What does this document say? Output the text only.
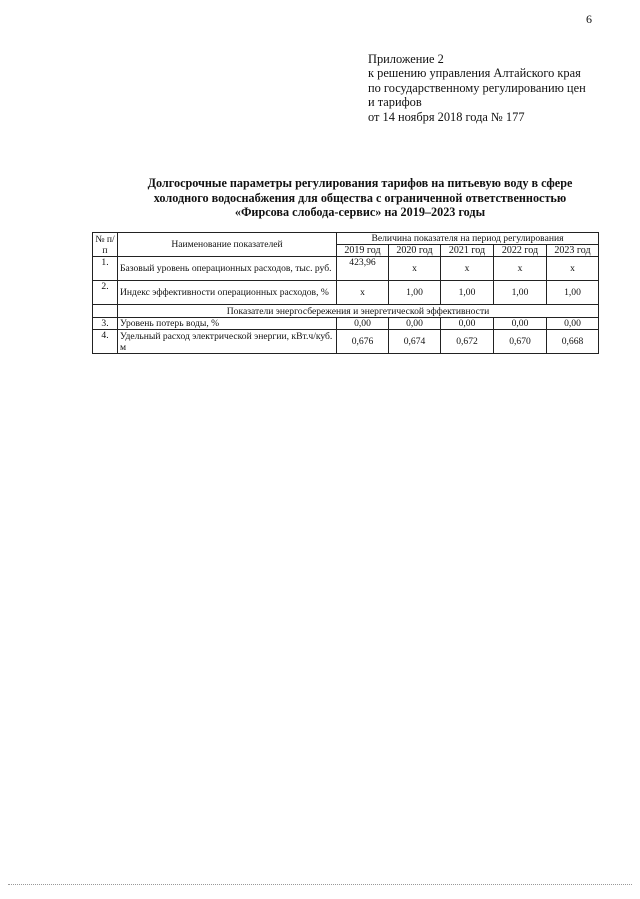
6
Приложение 2
к решению управления Алтайского края
по государственному регулированию цен
и тарифов
от 14 ноября 2018 года № 177
Долгосрочные параметры регулирования тарифов на питьевую воду в сфере
холодного водоснабжения для общества с ограниченной ответственностью
«Фирсова слобода-сервис» на 2019–2023 годы
№ п/п	Наименование показателей	Величина показателя на период регулирования				
		2019 год	2020 год	2021 год	2022 год	2023 год
1.	Базовый уровень операционных расходов, тыс. руб.	423,96	x	x	x	x
2.	Индекс эффективности операционных расходов, %	x	1,00	1,00	1,00	1,00
	Показатели энергосбережения и энергетической эффективности					
3.	Уровень потерь воды, %	0,00	0,00	0,00	0,00	0,00
4.	Удельный расход электрической энергии, кВт.ч/куб. м	0,676	0,674	0,672	0,670	0,668
